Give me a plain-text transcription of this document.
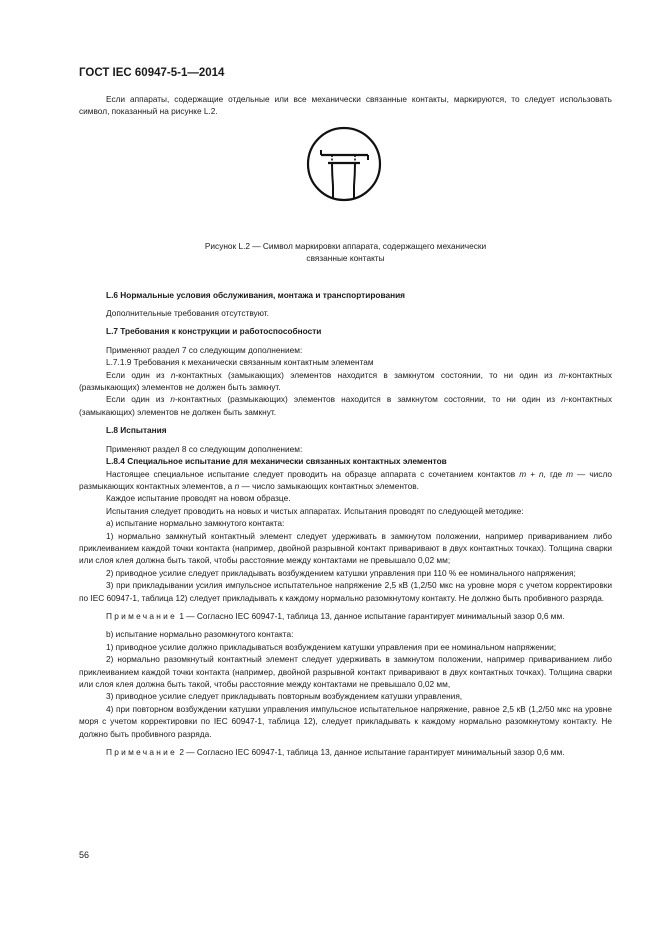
ГОСТ IEC 60947-5-1—2014

Если аппараты, содержащие отдельные или все механически связанные контакты, маркируются, то следует использовать символ, показанный на рисунке L.2.

Рисунок L.2 — Символ маркировки аппарата, содержащего механически

связанные контакты

L.6 Нормальные условия обслуживания, монтажа и транспортирования

Дополнительные требования отсутствуют.

L.7 Требования к конструкции и работоспособности

Применяют раздел 7 со следующим дополнением:

L.7.1.9 Требования к механически связанным контактным элементам

Если один из n-контактных (замыкающих) элементов находится в замкнутом состоянии, то ни один из m-контактных (размыкающих) элементов не должен быть замкнут.

Если один из n-контактных (размыкающих) элементов находится в замкнутом состоянии, то ни один из n-контактных (замыкающих) элементов не должен быть замкнут.

L.8 Испытания

Применяют раздел 8 со следующим дополнением:

L.8.4 Специальное испытание для механически связанных контактных элементов

Настоящее специальное испытание следует проводить на образце аппарата с сочетанием контактов m + n, где m — число размыкающих контактных элементов, а n — число замыкающих контактных элементов.

Каждое испытание проводят на новом образце.

Испытания следует проводить на новых и чистых аппаратах. Испытания проводят по следующей методике:

a) испытание нормально замкнутого контакта:

1) нормально замкнутый контактный элемент следует удерживать в замкнутом положении, например привариванием либо приклеиванием каждой точки контакта (например, двойной разрывной контакт приваривают в двух контактных точках). Толщина сварки или слоя клея должна быть такой, чтобы расстояние между контактами не превышало 0,02 мм;

2) приводное усилие следует прикладывать возбуждением катушки управления при 110 % ее номинального напряжения;

3) при прикладывании усилия импульсное испытательное напряжение 2,5 кВ (1,2/50 мкс на уровне моря с учетом корректировки по IEC 60947-1, таблица 12) следует прикладывать к каждому нормально разомкнутому контакту. Не должно быть пробивного разряда.

Примечание 1 — Согласно IEC 60947-1, таблица 13, данное испытание гарантирует минимальный зазор 0,6 мм.

b) испытание нормально разомкнутого контакта:

1) приводное усилие должно прикладываться возбуждением катушки управления при ее номинальном напряжении;

2) нормально разомкнутый контактный элемент следует удерживать в замкнутом положении, например привариванием либо приклеиванием каждой точки контакта (например, двойной разрывной контакт приваривают в двух контактных точках). Толщина сварки или слоя клея должна быть такой, чтобы расстояние между контактами не превышало 0,02 мм,

3) приводное усилие следует прикладывать повторным возбуждением катушки управления,

4) при повторном возбуждении катушки управления импульсное испытательное напряжение, равное 2,5 кВ (1,2/50 мкс на уровне моря с учетом корректировки по IEC 60947-1, таблица 12), следует прикладывать к каждому нормально разомкнутому контакту. Не должно быть пробивного разряда.

Примечание 2 — Согласно IEC 60947-1, таблица 13, данное испытание гарантирует минимальный зазор 0,6 мм.

56
